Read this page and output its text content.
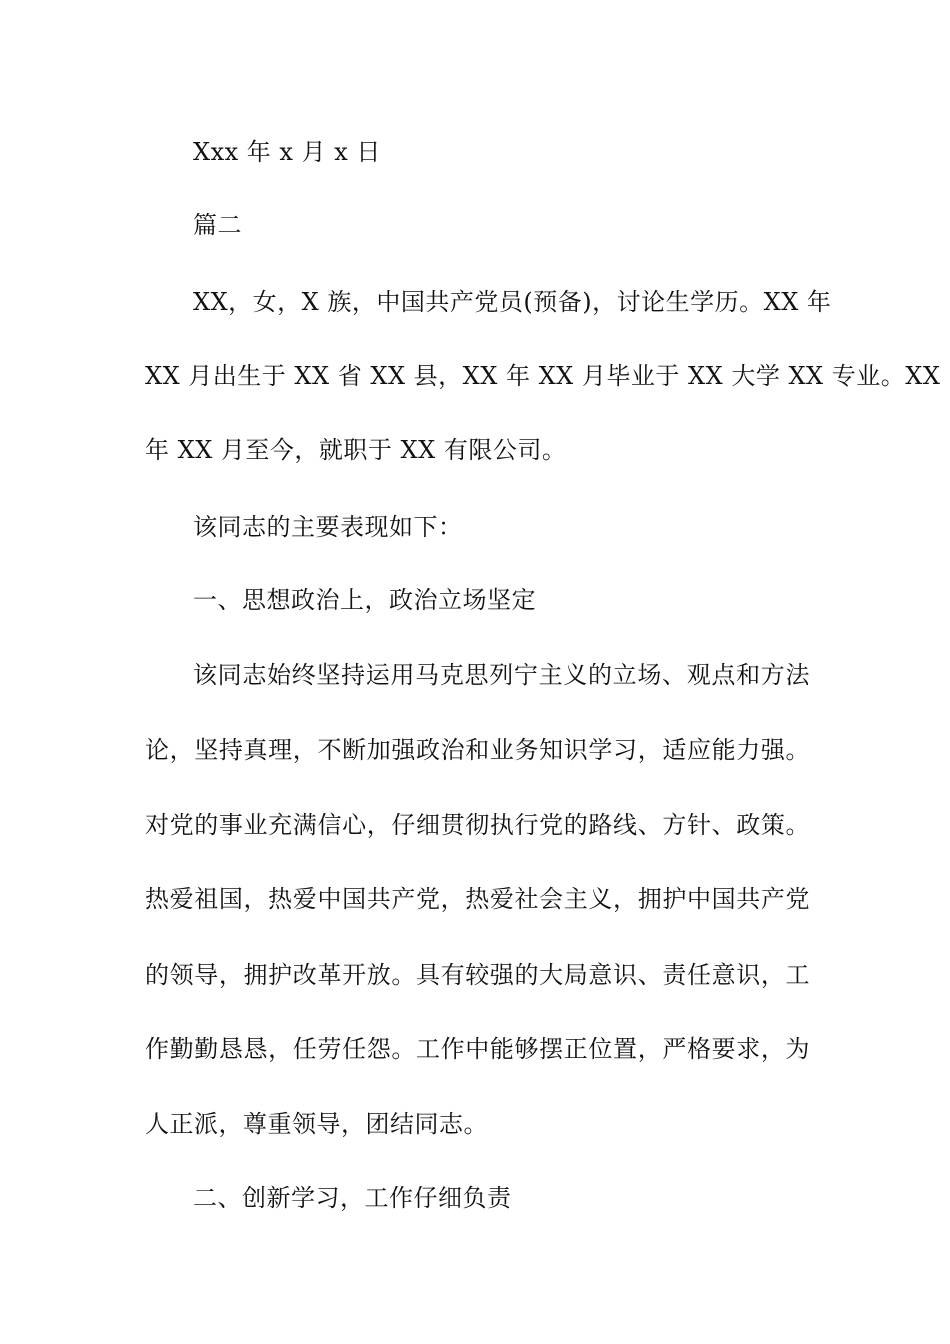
Xxx 年 x 月 x 日
篇二
XX，女，X 族，中国共产党员(预备)，讨论生学历。XX 年
XX 月出生于 XX 省 XX 县，XX 年 XX 月毕业于 XX 大学 XX 专业。XX
年 XX 月至今，就职于 XX 有限公司。
该同志的主要表现如下：
一、思想政治上，政治立场坚定
该同志始终坚持运用马克思列宁主义的立场、观点和方法
论，坚持真理，不断加强政治和业务知识学习，适应能力强。
对党的事业充满信心，仔细贯彻执行党的路线、方针、政策。
热爱祖国，热爱中国共产党，热爱社会主义，拥护中国共产党
的领导，拥护改革开放。具有较强的大局意识、责任意识，工
作勤勤恳恳，任劳任怨。工作中能够摆正位置，严格要求，为
人正派，尊重领导，团结同志。
二、创新学习，工作仔细负责
